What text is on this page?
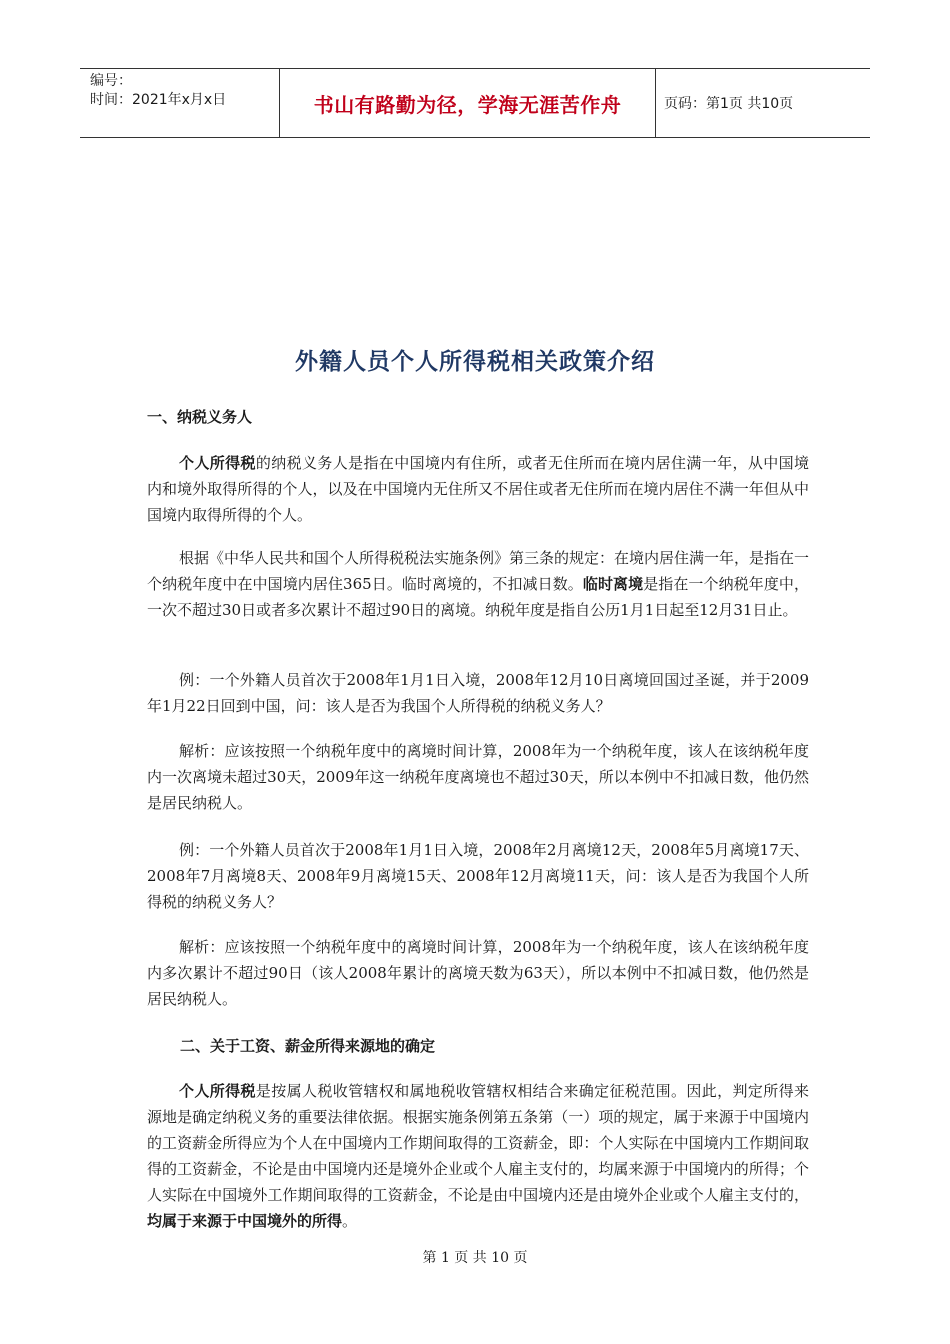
编号：
时间：2021年x月x日	书山有路勤为径，学海无涯苦作舟	页码：第1页 共10页
外籍人员个人所得税相关政策介绍
一、纳税义务人
个人所得税的纳税义务人是指在中国境内有住所，或者无住所而在境内居住满一年，从中国境内和境外取得所得的个人，以及在中国境内无住所又不居住或者无住所而在境内居住不满一年但从中国境内取得所得的个人。
根据《中华人民共和国个人所得税税法实施条例》第三条的规定：在境内居住满一年，是指在一个纳税年度中在中国境内居住365日。临时离境的，不扣减日数。临时离境是指在一个纳税年度中，一次不超过30日或者多次累计不超过90日的离境。纳税年度是指自公历1月1日起至12月31日止。
例：一个外籍人员首次于2008年1月1日入境，2008年12月10日离境回国过圣诞，并于2009年1月22日回到中国，问：该人是否为我国个人所得税的纳税义务人？
解析：应该按照一个纳税年度中的离境时间计算，2008年为一个纳税年度，该人在该纳税年度内一次离境未超过30天，2009年这一纳税年度离境也不超过30天，所以本例中不扣减日数，他仍然是居民纳税人。
例：一个外籍人员首次于2008年1月1日入境，2008年2月离境12天，2008年5月离境17天、2008年7月离境8天、2008年9月离境15天、2008年12月离境11天，问：该人是否为我国个人所得税的纳税义务人？
解析：应该按照一个纳税年度中的离境时间计算，2008年为一个纳税年度，该人在该纳税年度内多次累计不超过90日（该人2008年累计的离境天数为63天），所以本例中不扣减日数，他仍然是居民纳税人。
二、关于工资、薪金所得来源地的确定
个人所得税是按属人税收管辖权和属地税收管辖权相结合来确定征税范围。因此，判定所得来源地是确定纳税义务的重要法律依据。根据实施条例第五条第（一）项的规定，属于来源于中国境内的工资薪金所得应为个人在中国境内工作期间取得的工资薪金，即：个人实际在中国境内工作期间取得的工资薪金，不论是由中国境内还是境外企业或个人雇主支付的，均属来源于中国境内的所得；个人实际在中国境外工作期间取得的工资薪金，不论是由中国境内还是由境外企业或个人雇主支付的，均属于来源于中国境外的所得。
第 1 页 共 10 页
